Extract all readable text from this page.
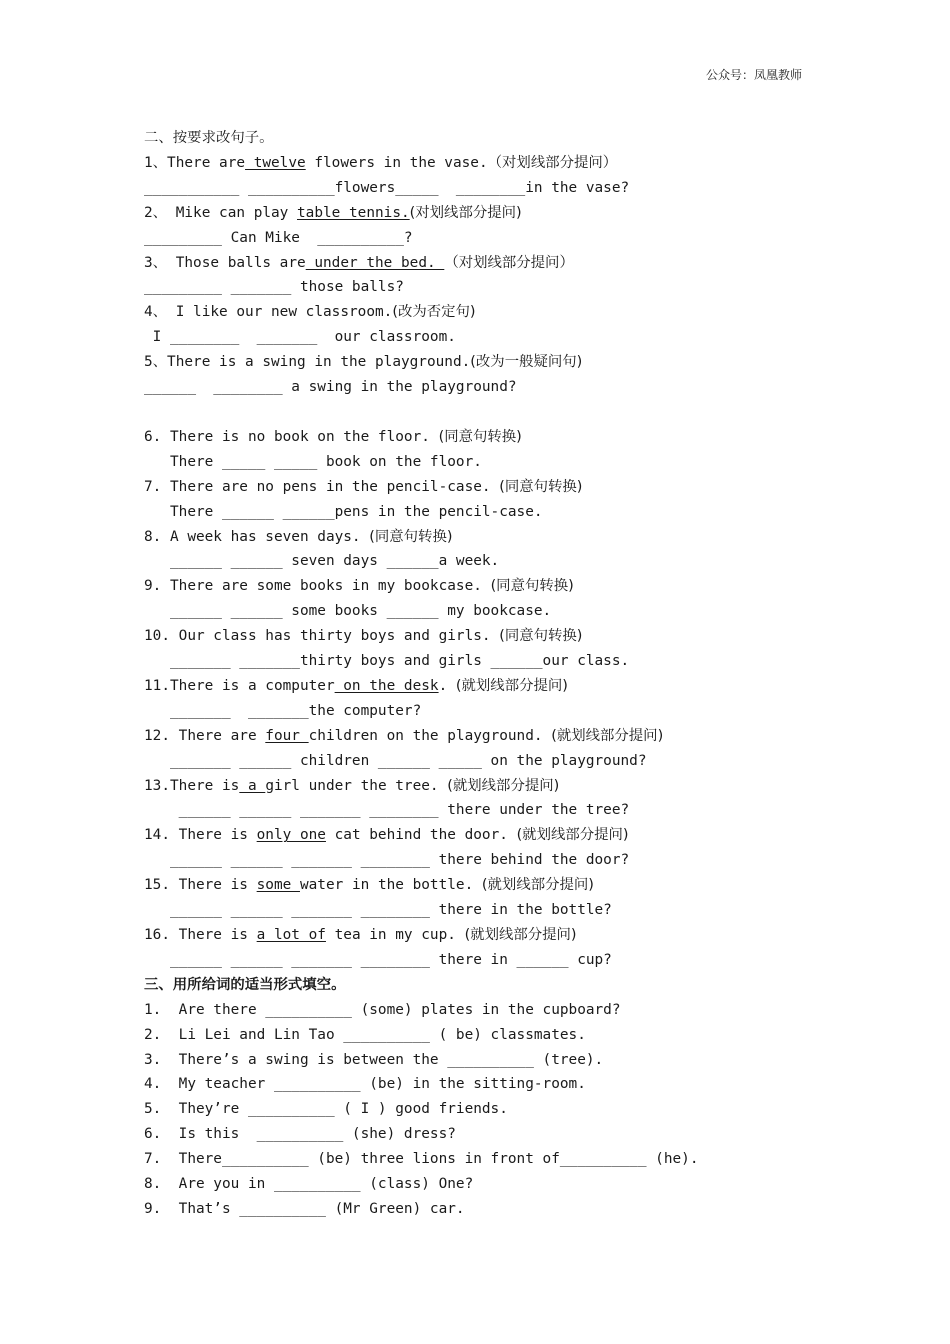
公众号：凤凰教师
二、按要求改句子。
1、There are twelve flowers in the vase.（对划线部分提问）
___________ __________flowers_____  ________in the vase?
2、 Mike can play table tennis.(对划线部分提问)
_________ Can Mike  __________?
3、 Those balls are under the bed. （对划线部分提问）
_________ _______ those balls?
4、 I like our new classroom.(改为否定句)
I ________  _______  our classroom.
5、There is a swing in the playground.(改为一般疑问句)
______  ________ a swing in the playground?
6. There is no book on the floor. (同意句转换)
There _____ _____ book on the floor.
7. There are no pens in the pencil-case. (同意句转换)
There ______ ______pens in the pencil-case.
8. A week has seven days. (同意句转换)
______ ______ seven days ______a week.
9. There are some books in my bookcase. (同意句转换)
______ ______ some books ______ my bookcase.
10. Our class has thirty boys and girls. (同意句转换)
_______ _______thirty boys and girls ______our class.
11.There is a computer on the desk. (就划线部分提问)
_______  _______the computer?
12. There are four children on the playground. (就划线部分提问)
_______ ______ children ______ _____ on the playground?
13.There is a girl under the tree. (就划线部分提问)
______ ______ _______ ________ there under the tree?
14. There is only one cat behind the door. (就划线部分提问)
______ ______ _______ ________ there behind the door?
15. There is some water in the bottle. (就划线部分提问)
______ ______ _______ ________ there in the bottle?
16. There is a lot of tea in my cup. (就划线部分提问)
______ ______ _______ ________ there in ______ cup?
三、用所给词的适当形式填空。
1.  Are there __________ (some) plates in the cupboard?
2.  Li Lei and Lin Tao __________ ( be) classmates.
3.  There’s a swing is between the __________ (tree).
4.  My teacher __________ (be) in the sitting-room.
5.  They’re __________ ( I ) good friends.
6.  Is this  __________ (she) dress?
7.  There__________ (be) three lions in front of__________ (he).
8.  Are you in __________ (class) One?
9.  That’s __________ (Mr Green) car.
